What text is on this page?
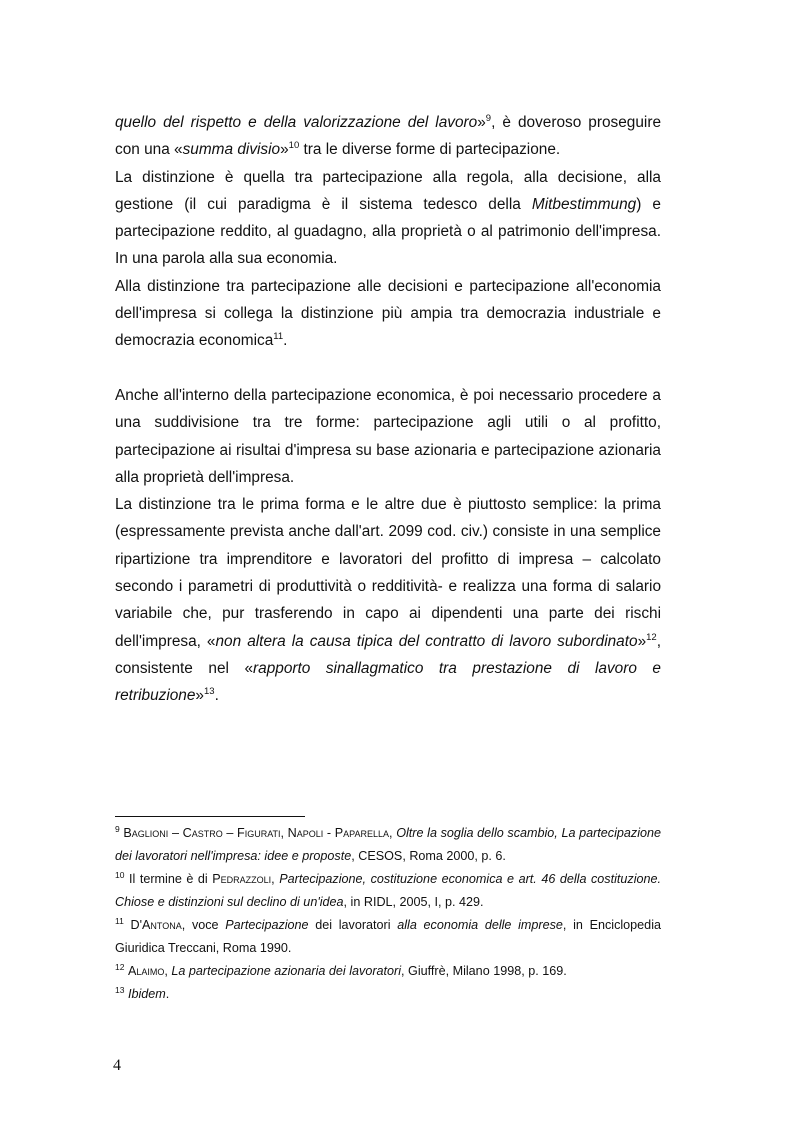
quello del rispetto e della valorizzazione del lavoro»$^9$, è doveroso proseguire con una «summa divisio»$^{10}$ tra le diverse forme di partecipazione.

La distinzione è quella tra partecipazione alla regola, alla decisione, alla gestione (il cui paradigma è il sistema tedesco della Mitbestimmung) e partecipazione reddito, al guadagno, alla proprietà o al patrimonio dell'impresa. In una parola alla sua economia.

Alla distinzione tra partecipazione alle decisioni e partecipazione all'economia dell'impresa si collega la distinzione più ampia tra democrazia industriale e democrazia economica$^{11}$.

Anche all'interno della partecipazione economica, è poi necessario procedere a una suddivisione tra tre forme: partecipazione agli utili o al profitto, partecipazione ai risultai d'impresa su base azionaria e partecipazione azionaria alla proprietà dell'impresa.

La distinzione tra le prima forma e le altre due è piuttosto semplice: la prima (espressamente prevista anche dall'art. 2099 cod. civ.) consiste in una semplice ripartizione tra imprenditore e lavoratori del profitto di impresa – calcolato secondo i parametri di produttività o redditività- e realizza una forma di salario variabile che, pur trasferendo in capo ai dipendenti una parte dei rischi dell'impresa, «non altera la causa tipica del contratto di lavoro subordinato»$^{12}$, consistente nel «rapporto sinallagmatico tra prestazione di lavoro e retribuzione»$^{13}$.

$^9$ Baglioni – Castro – Figurati, Napoli - Paparella, Oltre la soglia dello scambio, La partecipazione dei lavoratori nell'impresa: idee e proposte, CESOS, Roma 2000, p. 6.

$^{10}$ Il termine è di Pedrazzoli, Partecipazione, costituzione economica e art. 46 della costituzione. Chiose e distinzioni sul declino di un'idea, in RIDL, 2005, I, p. 429.

$^{11}$ D'Antona, voce Partecipazione dei lavoratori alla economia delle imprese, in Enciclopedia Giuridica Treccani, Roma 1990.

$^{12}$ Alaimo, La partecipazione azionaria dei lavoratori, Giuffrè, Milano 1998, p. 169.

$^{13}$ Ibidem.

4
